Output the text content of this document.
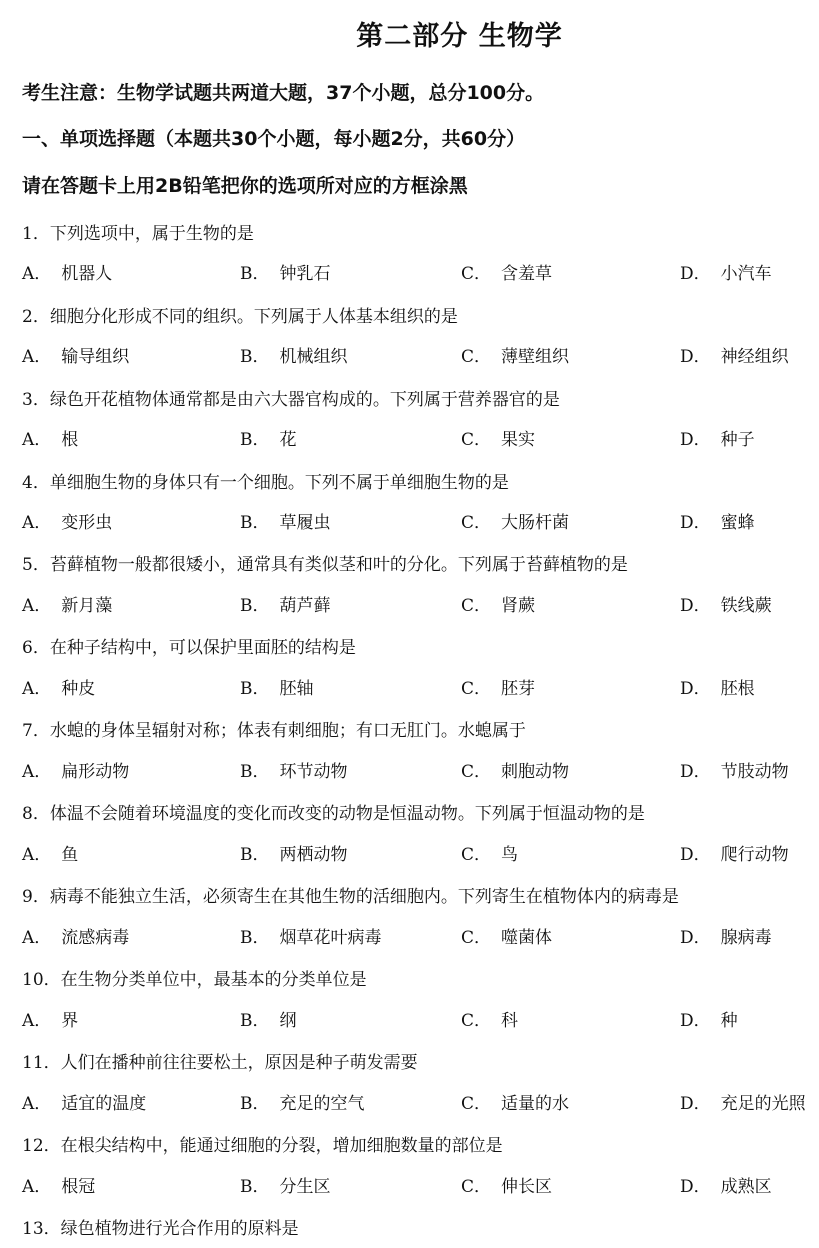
第二部分 生物学
考生注意：生物学试题共两道大题，37个小题，总分100分。
一、单项选择题（本题共30个小题，每小题2分，共60分）
请在答题卡上用2B铅笔把你的选项所对应的方框涂黑
1．下列选项中，属于生物的是
A． 机器人	B． 钟乳石	C． 含羞草	D． 小汽车
2．细胞分化形成不同的组织。下列属于人体基本组织的是
A． 输导组织	B． 机械组织	C． 薄壁组织	D． 神经组织
3．绿色开花植物体通常都是由六大器官构成的。下列属于营养器官的是
A． 根	B． 花	C． 果实	D． 种子
4．单细胞生物的身体只有一个细胞。下列不属于单细胞生物的是
A． 变形虫	B． 草履虫	C． 大肠杆菌	D． 蜜蜂
5．苔藓植物一般都很矮小，通常具有类似茎和叶的分化。下列属于苔藓植物的是
A． 新月藻	B． 葫芦藓	C． 肾蕨	D． 铁线蕨
6．在种子结构中，可以保护里面胚的结构是
A． 种皮	B． 胚轴	C． 胚芽	D． 胚根
7．水螅的身体呈辐射对称；体表有刺细胞；有口无肛门。水螅属于
A． 扁形动物	B． 环节动物	C． 刺胞动物	D． 节肢动物
8．体温不会随着环境温度的变化而改变的动物是恒温动物。下列属于恒温动物的是
A． 鱼	B． 两栖动物	C． 鸟	D． 爬行动物
9．病毒不能独立生活，必须寄生在其他生物的活细胞内。下列寄生在植物体内的病毒是
A． 流感病毒	B． 烟草花叶病毒	C． 噬菌体	D． 腺病毒
10．在生物分类单位中，最基本的分类单位是
A． 界	B． 纲	C． 科	D． 种
11．人们在播种前往往要松土，原因是种子萌发需要
A． 适宜的温度	B． 充足的空气	C． 适量的水	D． 充足的光照
12．在根尖结构中，能通过细胞的分裂，增加细胞数量的部位是
A． 根冠	B． 分生区	C． 伸长区	D． 成熟区
13．绿色植物进行光合作用的原料是
